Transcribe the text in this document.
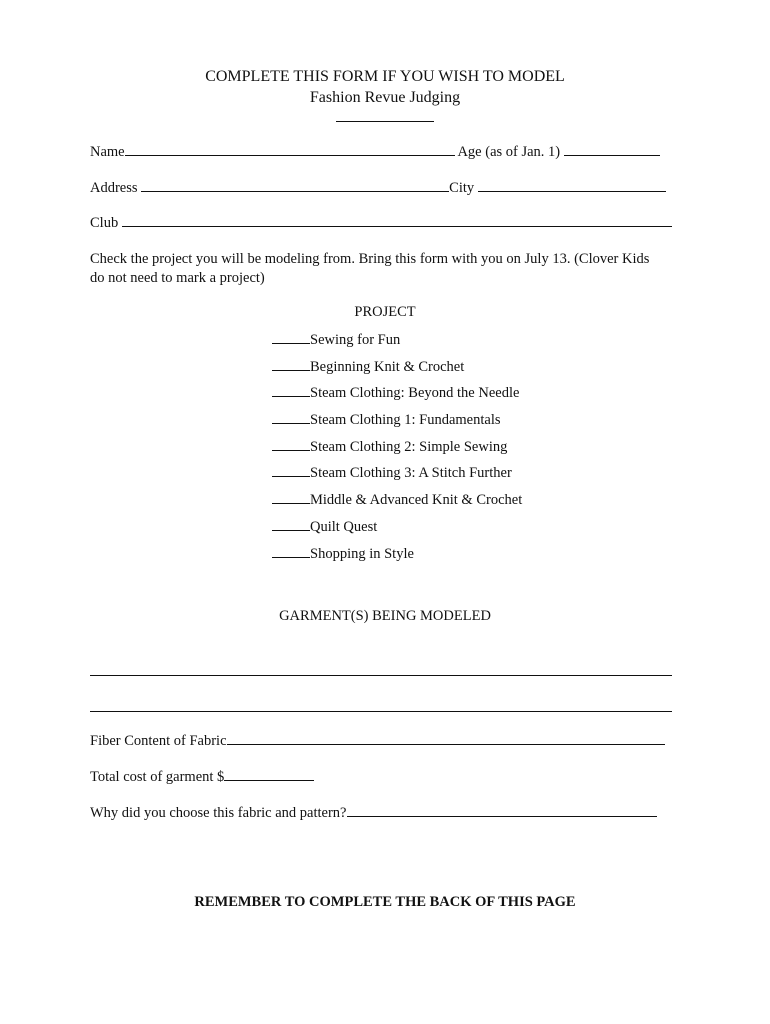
COMPLETE THIS FORM IF YOU WISH TO MODEL
Fashion Revue Judging
Name	Age (as of Jan. 1)
Address	City
Club
Check the project you will be modeling from. Bring this form with you on July 13. (Clover Kids
do not need to mark a project)
PROJECT
Sewing for Fun
Beginning Knit & Crochet
Steam Clothing: Beyond the Needle
Steam Clothing 1: Fundamentals
Steam Clothing 2: Simple Sewing
Steam Clothing 3: A Stitch Further
Middle & Advanced Knit & Crochet
Quilt Quest
Shopping in Style
GARMENT(S) BEING MODELED
Fiber Content of Fabric
Total cost of garment $
Why did you choose this fabric and pattern?
REMEMBER TO COMPLETE THE BACK OF THIS PAGE
